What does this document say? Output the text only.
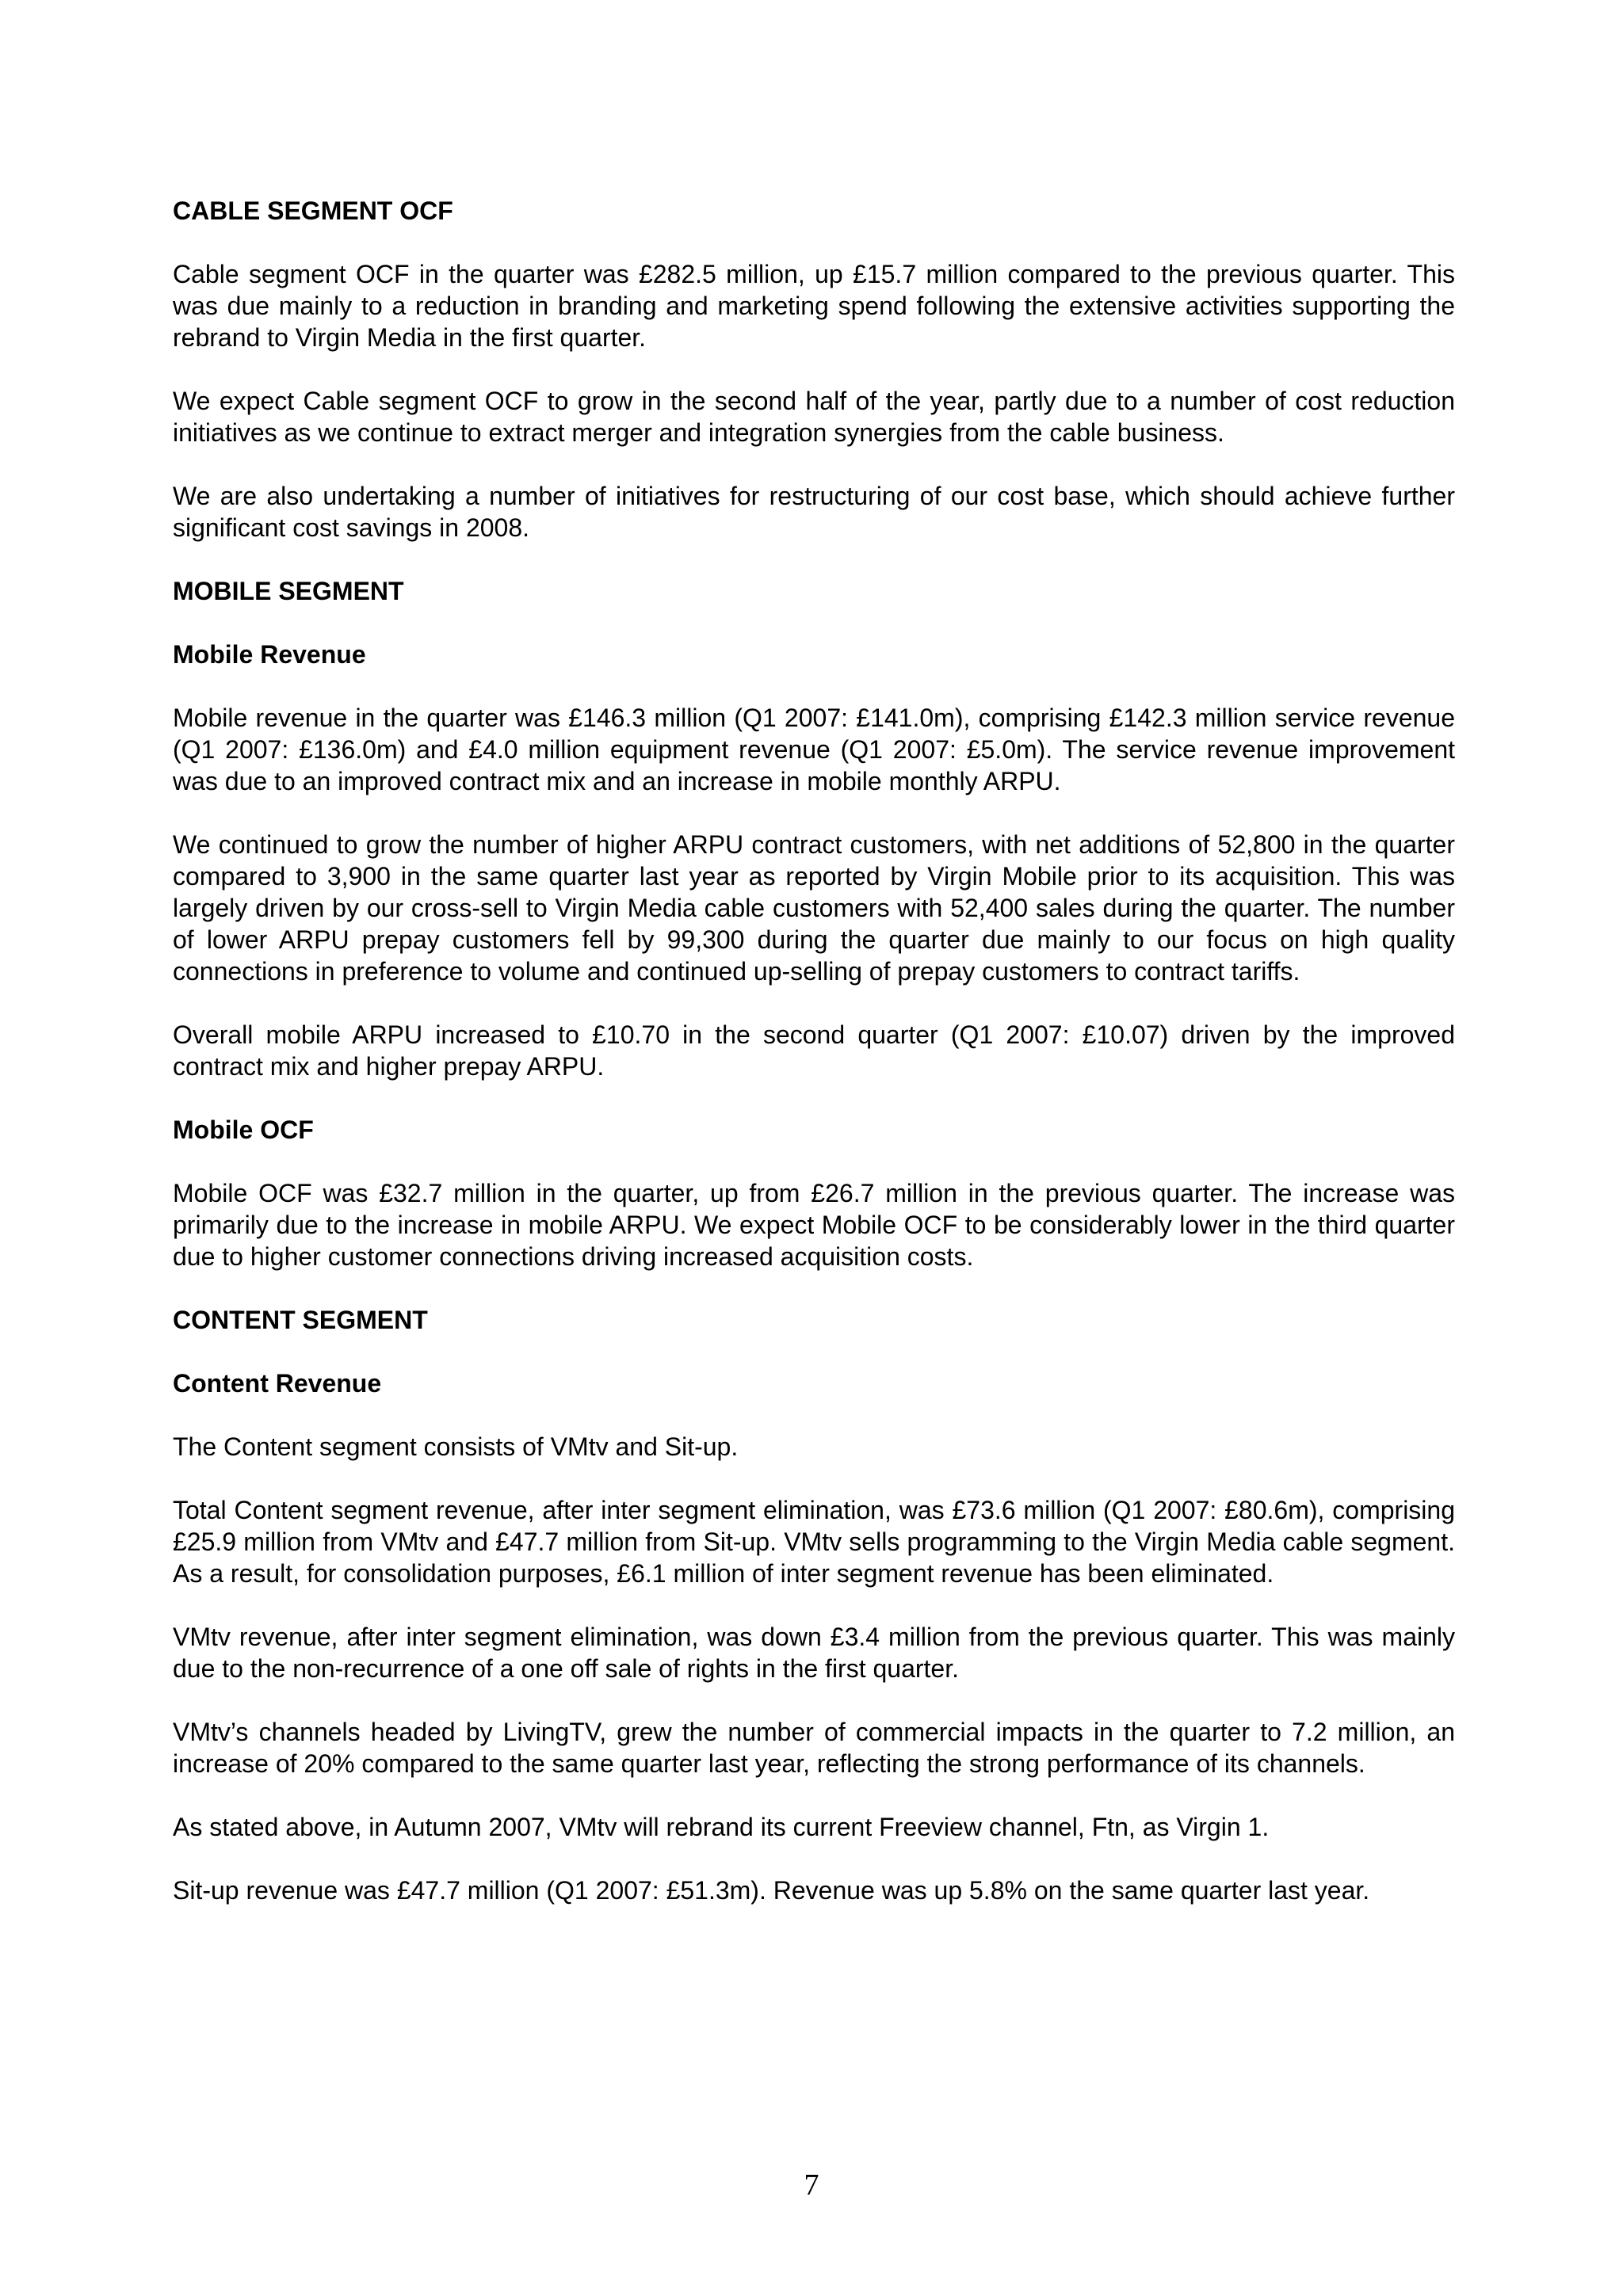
CABLE SEGMENT OCF

Cable segment OCF in the quarter was £282.5 million, up £15.7 million compared to the previous quarter. This was due mainly to a reduction in branding and marketing spend following the extensive activities supporting the rebrand to Virgin Media in the first quarter.

We expect Cable segment OCF to grow in the second half of the year, partly due to a number of cost reduction initiatives as we continue to extract merger and integration synergies from the cable business.

We are also undertaking a number of initiatives for restructuring of our cost base, which should achieve further significant cost savings in 2008.

MOBILE SEGMENT
Mobile Revenue

Mobile revenue in the quarter was £146.3 million (Q1 2007: £141.0m), comprising £142.3 million service revenue (Q1 2007: £136.0m) and £4.0 million equipment revenue (Q1 2007: £5.0m). The service revenue improvement was due to an improved contract mix and an increase in mobile monthly ARPU.

We continued to grow the number of higher ARPU contract customers, with net additions of 52,800 in the quarter compared to 3,900 in the same quarter last year as reported by Virgin Mobile prior to its acquisition. This was largely driven by our cross-sell to Virgin Media cable customers with 52,400 sales during the quarter. The number of lower ARPU prepay customers fell by 99,300 during the quarter due mainly to our focus on high quality connections in preference to volume and continued up-selling of prepay customers to contract tariffs.

Overall mobile ARPU increased to £10.70 in the second quarter (Q1 2007: £10.07) driven by the improved contract mix and higher prepay ARPU.

Mobile OCF

Mobile OCF was £32.7 million in the quarter, up from £26.7 million in the previous quarter. The increase was primarily due to the increase in mobile ARPU. We expect Mobile OCF to be considerably lower in the third quarter due to higher customer connections driving increased acquisition costs.

CONTENT SEGMENT
Content Revenue

The Content segment consists of VMtv and Sit-up.

Total Content segment revenue, after inter segment elimination, was £73.6 million (Q1 2007: £80.6m), comprising £25.9 million from VMtv and £47.7 million from Sit-up. VMtv sells programming to the Virgin Media cable segment. As a result, for consolidation purposes, £6.1 million of inter segment revenue has been eliminated.

VMtv revenue, after inter segment elimination, was down £3.4 million from the previous quarter. This was mainly due to the non-recurrence of a one off sale of rights in the first quarter.

VMtv’s channels headed by LivingTV, grew the number of commercial impacts in the quarter to 7.2 million, an increase of 20% compared to the same quarter last year, reflecting the strong performance of its channels.

As stated above, in Autumn 2007, VMtv will rebrand its current Freeview channel, Ftn, as Virgin 1.

Sit-up revenue was £47.7 million (Q1 2007: £51.3m). Revenue was up 5.8% on the same quarter last year.

7
